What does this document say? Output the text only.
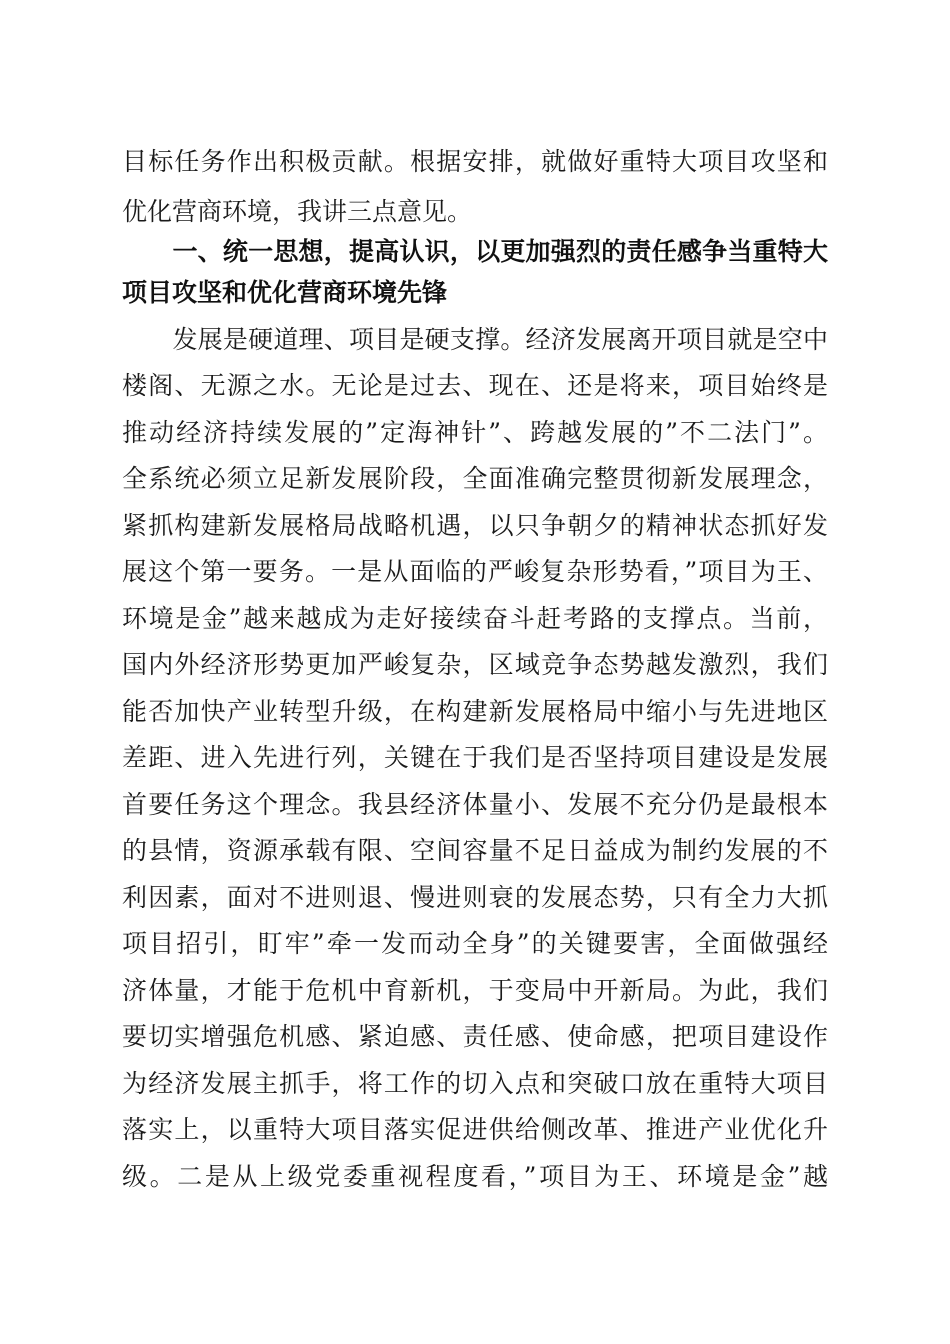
目标任务作出积极贡献。根据安排，就做好重特大项目攻坚和
优化营商环境，我讲三点意见。
　　一、统一思想，提高认识，以更加强烈的责任感争当重特大
项目攻坚和优化营商环境先锋
　　发展是硬道理、项目是硬支撑。经济发展离开项目就是空中
楼阁、无源之水。无论是过去、现在、还是将来，项目始终是
推动经济持续发展的”定海神针”、跨越发展的”不二法门”。
全系统必须立足新发展阶段，全面准确完整贯彻新发展理念，
紧抓构建新发展格局战略机遇，以只争朝夕的精神状态抓好发
展这个第一要务。一是从面临的严峻复杂形势看，”项目为王、
环境是金”越来越成为走好接续奋斗赶考路的支撑点。当前，
国内外经济形势更加严峻复杂，区域竞争态势越发激烈，我们
能否加快产业转型升级，在构建新发展格局中缩小与先进地区
差距、进入先进行列，关键在于我们是否坚持项目建设是发展
首要任务这个理念。我县经济体量小、发展不充分仍是最根本
的县情，资源承载有限、空间容量不足日益成为制约发展的不
利因素，面对不进则退、慢进则衰的发展态势，只有全力大抓
项目招引，盯牢”牵一发而动全身”的关键要害，全面做强经
济体量，才能于危机中育新机，于变局中开新局。为此，我们
要切实增强危机感、紧迫感、责任感、使命感，把项目建设作
为经济发展主抓手，将工作的切入点和突破口放在重特大项目
落实上，以重特大项目落实促进供给侧改革、推进产业优化升
级。二是从上级党委重视程度看，”项目为王、环境是金”越
